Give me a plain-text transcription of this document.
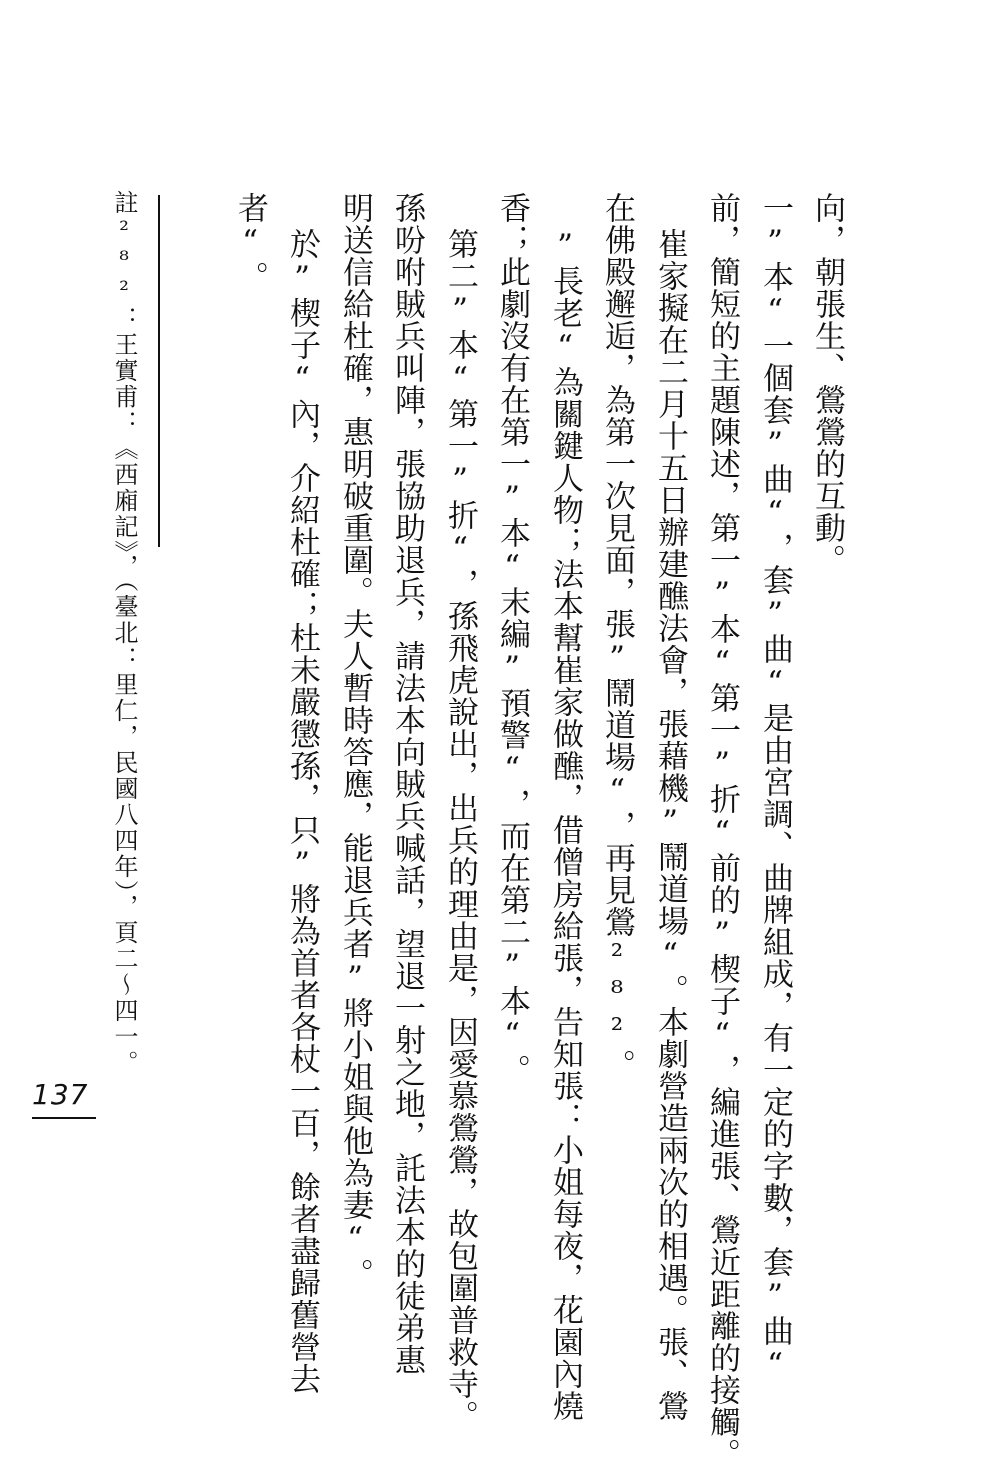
向，朝張生、鶯鶯的互動。
一”本“一個套”曲“，套”曲“是由宮調、曲牌組成，有一定的字數，套”曲“
前，簡短的主題陳述，第一”本“第一”折“前的”楔子“，編進張、鶯近距離的接觸。
崔家擬在二月十五日辦建醮法會，張藉機”鬧道場“。本劇營造兩次的相遇。張、鶯
在佛殿邂逅，為第一次見面，張”鬧道場“，再見鶯²⁸²。
”長老“為關鍵人物；法本幫崔家做醮，借僧房給張，告知張：小姐每夜，花園內燒
香；此劇沒有在第一”本“末編”預警“，而在第二”本“。
第二”本“第一”折“，孫飛虎說出，出兵的理由是，因愛慕鶯鶯，故包圍普救寺。
孫吩咐賊兵叫陣，張協助退兵，請法本向賊兵喊話，望退一射之地，託法本的徒弟惠
明送信給杜確，惠明破重圍。夫人暫時答應，能退兵者”將小姐與他為妻“。
於”楔子“內，介紹杜確；杜未嚴懲孫，只”將為首者各杖一百，餘者盡歸舊營去
者“。
註²⁸²：王實甫：《西廂記》，（臺北：里仁，民國八四年），頁二～四一。
137
